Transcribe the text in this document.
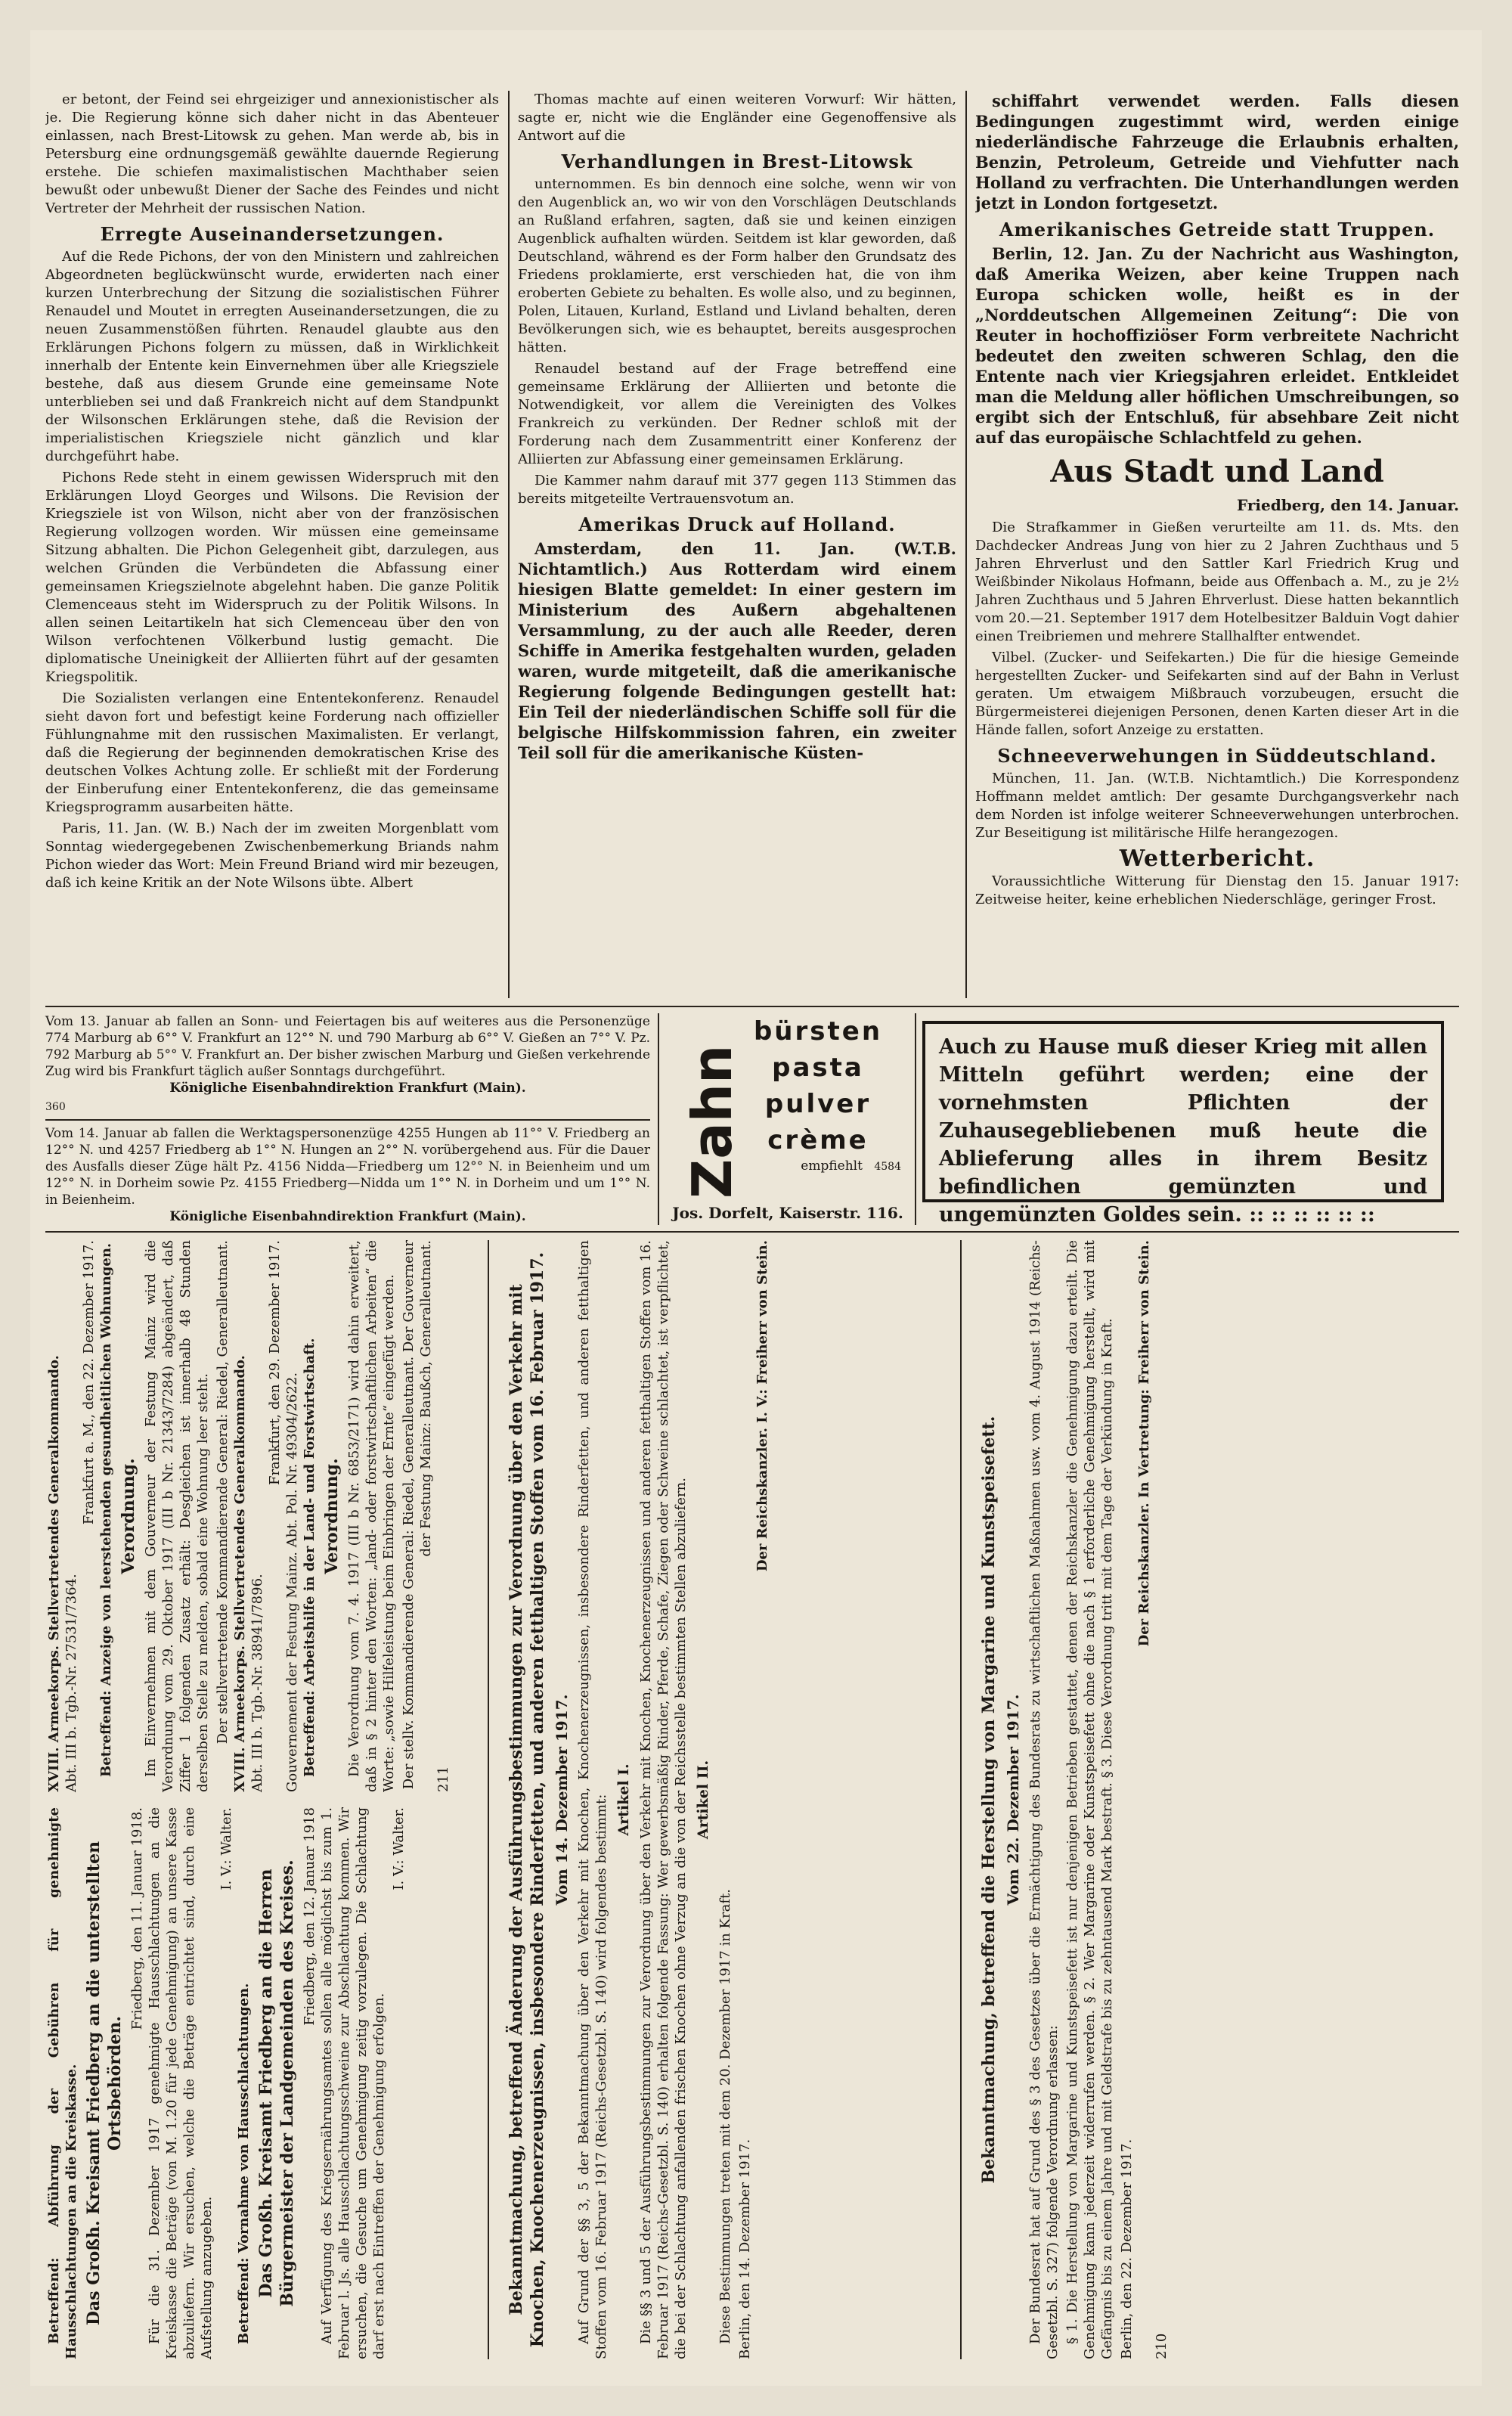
er betont, der Feind sei ehrgeiziger und annexionistischer als je. Die Regierung könne sich daher nicht in das Abenteuer einlassen, nach Brest-Litowsk zu gehen. Man werde ab, bis in Petersburg eine ordnungsgemäß gewählte dauernde Regierung erstehe. Die schiefen maximalistischen Machthaber seien bewußt oder unbewußt Diener der Sache des Feindes und nicht Vertreter der Mehrheit der russischen Nation.

Erregte Auseinandersetzungen.

Auf die Rede Pichons, der von den Ministern und zahlreichen Abgeordneten beglückwünscht wurde, erwiderten nach einer kurzen Unterbrechung der Sitzung die sozialistischen Führer Renaudel und Moutet in erregten Auseinandersetzungen, die zu neuen Zusammenstößen führten. Renaudel glaubte aus den Erklärungen Pichons folgern zu müssen, daß in Wirklichkeit innerhalb der Entente kein Einvernehmen über alle Kriegsziele bestehe, daß aus diesem Grunde eine gemeinsame Note unterblieben sei und daß Frankreich nicht auf dem Standpunkt der Wilsonschen Erklärungen stehe, daß die Revision der imperialistischen Kriegsziele nicht gänzlich und klar durchgeführt habe.

Pichons Rede steht in einem gewissen Widerspruch mit den Erklärungen Lloyd Georges und Wilsons. Die Revision der Kriegsziele ist von Wilson, nicht aber von der französischen Regierung vollzogen worden. Wir müssen eine gemeinsame Sitzung abhalten. Die Pichon Gelegenheit gibt, darzulegen, aus welchen Gründen die Verbündeten die Abfassung einer gemeinsamen Kriegszielnote abgelehnt haben. Die ganze Politik Clemenceaus steht im Widerspruch zu der Politik Wilsons. In allen seinen Leitartikeln hat sich Clemenceau über den von Wilson verfochtenen Völkerbund lustig gemacht. Die diplomatische Uneinigkeit der Alliierten führt auf der gesamten Kriegspolitik.

Die Sozialisten verlangen eine Ententekonferenz. Renaudel sieht davon fort und befestigt keine Forderung nach offizieller Fühlungnahme mit den russischen Maximalisten. Er verlangt, daß die Regierung der beginnenden demokratischen Krise des deutschen Volkes Achtung zolle. Er schließt mit der Forderung der Einberufung einer Ententekonferenz, die das gemeinsame Kriegsprogramm ausarbeiten hätte.

Paris, 11. Jan. (W. B.) Nach der im zweiten Morgenblatt vom Sonntag wiedergegebenen Zwischenbemerkung Briands nahm Pichon wieder das Wort: Mein Freund Briand wird mir bezeugen, daß ich keine Kritik an der Note Wilsons übte. Albert

Thomas machte auf einen weiteren Vorwurf: Wir hätten, sagte er, nicht wie die Engländer eine Gegenoffensive als Antwort auf die

Verhandlungen in Brest-Litowsk

unternommen. Es bin dennoch eine solche, wenn wir von den Augenblick an, wo wir von den Vorschlägen Deutschlands an Rußland erfahren, sagten, daß sie und keinen einzigen Augenblick aufhalten würden. Seitdem ist klar geworden, daß Deutschland, während es der Form halber den Grundsatz des Friedens proklamierte, erst verschieden hat, die von ihm eroberten Gebiete zu behalten. Es wolle also, und zu beginnen, Polen, Litauen, Kurland, Estland und Livland behalten, deren Bevölkerungen sich, wie es behauptet, bereits ausgesprochen hätten.

Renaudel bestand auf der Frage betreffend eine gemeinsame Erklärung der Alliierten und betonte die Notwendigkeit, vor allem die Vereinigten des Volkes Frankreich zu verkünden. Der Redner schloß mit der Forderung nach dem Zusammentritt einer Konferenz der Alliierten zur Abfassung einer gemeinsamen Erklärung.

Die Kammer nahm darauf mit 377 gegen 113 Stimmen das bereits mitgeteilte Vertrauensvotum an.

Amerikas Druck auf Holland.

Amsterdam, den 11. Jan. (W.T.B. Nichtamtlich.) Aus Rotterdam wird einem hiesigen Blatte gemeldet: In einer gestern im Ministerium des Außern abgehaltenen Versammlung, zu der auch alle Reeder, deren Schiffe in Amerika festgehalten wurden, geladen waren, wurde mitgeteilt, daß die amerikanische Regierung folgende Bedingungen gestellt hat: Ein Teil der niederländischen Schiffe soll für die belgische Hilfskommission fahren, ein zweiter Teil soll für die amerikanische Küsten-

schiffahrt verwendet werden. Falls diesen Bedingungen zugestimmt wird, werden einige niederländische Fahrzeuge die Erlaubnis erhalten, Benzin, Petroleum, Getreide und Viehfutter nach Holland zu verfrachten. Die Unterhandlungen werden jetzt in London fortgesetzt.

Amerikanisches Getreide statt Truppen.

Berlin, 12. Jan. Zu der Nachricht aus Washington, daß Amerika Weizen, aber keine Truppen nach Europa schicken wolle, heißt es in der „Norddeutschen Allgemeinen Zeitung“: Die von Reuter in hochoffiziöser Form verbreitete Nachricht bedeutet den zweiten schweren Schlag, den die Entente nach vier Kriegsjahren erleidet. Entkleidet man die Meldung aller höflichen Umschreibungen, so ergibt sich der Entschluß, für absehbare Zeit nicht auf das europäische Schlachtfeld zu gehen.

Aus Stadt und Land
Friedberg, den 14. Januar.

Die Strafkammer in Gießen verurteilte am 11. ds. Mts. den Dachdecker Andreas Jung von hier zu 2 Jahren Zuchthaus und 5 Jahren Ehrverlust und den Sattler Karl Friedrich Krug und Weißbinder Nikolaus Hofmann, beide aus Offenbach a. M., zu je 2½ Jahren Zuchthaus und 5 Jahren Ehrverlust. Diese hatten bekanntlich vom 20.—21. September 1917 dem Hotelbesitzer Balduin Vogt dahier einen Treibriemen und mehrere Stallhalfter entwendet.

Vilbel. (Zucker- und Seifekarten.) Die für die hiesige Gemeinde hergestellten Zucker- und Seifekarten sind auf der Bahn in Verlust geraten. Um etwaigem Mißbrauch vorzubeugen, ersucht die Bürgermeisterei diejenigen Personen, denen Karten dieser Art in die Hände fallen, sofort Anzeige zu erstatten.

Schneeverwehungen in Süddeutschland.

München, 11. Jan. (W.T.B. Nichtamtlich.) Die Korrespondenz Hoffmann meldet amtlich: Der gesamte Durchgangsverkehr nach dem Norden ist infolge weiterer Schneeverwehungen unterbrochen. Zur Beseitigung ist militärische Hilfe herangezogen.

Wetterbericht.

Voraussichtliche Witterung für Dienstag den 15. Januar 1917: Zeitweise heiter, keine erheblichen Niederschläge, geringer Frost.

Vom 13. Januar ab fallen an Sonn- und Feiertagen bis auf weiteres aus die Personenzüge 774 Marburg ab 6°° V. Frankfurt an 12°° N. und 790 Marburg ab 6°° V. Gießen an 7°° V. Pz. 792 Marburg ab 5°° V. Frankfurt an. Der bisher zwischen Marburg und Gießen verkehrende Zug wird bis Frankfurt täglich außer Sonntags durchgeführt.
Königliche Eisenbahndirektion Frankfurt (Main).
360
Vom 14. Januar ab fallen die Werktagspersonenzüge 4255 Hungen ab 11°° V. Friedberg an 12°° N. und 4257 Friedberg ab 1°° N. Hungen an 2°° N. vorübergehend aus. Für die Dauer des Ausfalls dieser Züge hält Pz. 4156 Nidda—Friedberg um 12°° N. in Beienheim und um 12°° N. in Dorheim sowie Pz. 4155 Friedberg—Nidda um 1°° N. in Dorheim und um 1°° N. in Beienheim.
Königliche Eisenbahndirektion Frankfurt (Main).
Zahn
bürsten
pasta
pulver
crème
empfiehlt 4584
Jos. Dorfelt, Kaiserstr. 116.
Auch zu Hause muß dieser Krieg mit allen Mitteln geführt werden; eine der vornehmsten Pflichten der Zuhausegebliebenen muß heute die Ablieferung alles in ihrem Besitz befindlichen gemünzten und ungemünzten Goldes sein. :: :: :: :: :: ::

Betreffend: Abführung der Gebühren für genehmigte Hausschlachtungen an die Kreiskasse. Das Großh. Kreisamt Friedberg an die unterstellten Ortsbehörden.
Friedberg, den 11. Januar 1918. Für die 31. Dezember 1917 genehmigte Hausschlachtungen an die Kreiskasse die Beträge (von M. 1.20 für jede Genehmigung) an unsere Kasse abzuliefern. Wir ersuchen, welche die Beträge entrichtet sind, durch eine Aufstellung anzugeben.

I. V.: Walter.

Betreffend: Vornahme von Hausschlachtungen. Das Großh. Kreisamt Friedberg an die Herren Bürgermeister der Landgemeinden des Kreises. Friedberg, den 12. Januar 1918 Auf Verfügung des Kriegsernährungsamtes sollen alle möglichst bis zum 1. Februar l. Js. alle Hausschlachtungsschweine zur Abschlachtung kommen. Wir ersuchen, die Gesuche um Genehmigung zeitig vorzulegen. Die Schlachtung darf erst nach Eintreffen der Genehmigung erfolgen.

I. V.: Walter.
XVIII. Armeekorps. Stellvertretendes Generalkommando. Abt. III b. Tgb.-Nr. 27531/7364.
Frankfurt a. M., den 22. Dezember 1917. Betreffend: Anzeige von leerstehenden gesundheitlichen Wohnungen. Verordnung. Im Einvernehmen mit dem Gouverneur der Festung Mainz wird die Verordnung vom 29. Oktober 1917 (III b Nr. 21343/7284) abgeändert, daß Ziffer 1 folgenden Zusatz erhält: Desgleichen ist innerhalb 48 Stunden derselben Stelle zu melden, sobald eine Wohnung leer steht. Der stellvertretende Kommandierende General: Riedel, Generalleutnant. XVIII. Armeekorps. Stellvertretendes Generalkommando. Abt. III b. Tgb.-Nr. 38941/7896.
Frankfurt, den 29. Dezember 1917.
Gouvernement der Festung Mainz. Abt. Pol. Nr. 49304/2622. Betreffend: Arbeitshilfe in der Land- und Forstwirtschaft. Verordnung. Die Verordnung vom 7. 4. 1917 (III b Nr. 6853/2171) wird dahin erweitert, daß in § 2 hinter den Worten: „land- oder forstwirtschaftlichen Arbeiten“ die Worte: „sowie Hilfeleistung beim Einbringen der Ernte“ eingefügt werden. Der stellv. Kommandierende General: Riedel, Generalleutnant. Der Gouverneur der Festung Mainz: Baußch, Generalleutnant.
211	Bekanntmachung, betreffend Änderung der Ausführungsbestimmungen zur Verordnung über den Verkehr mit Knochen, Knochenerzeugnissen, insbesondere Rinderfetten, und anderen fetthaltigen Stoffen vom 16. Februar 1917. Vom 14. Dezember 1917. Auf Grund der §§ 3, 5 der Bekanntmachung über den Verkehr mit Knochen, Knochenerzeugnissen, insbesondere Rinderfetten, und anderen fetthaltigen Stoffen vom 16. Februar 1917 (Reichs-Gesetzbl. S. 140) wird folgendes bestimmt: Artikel I. Die §§ 3 und 5 der Ausführungsbestimmungen zur Verordnung über den Verkehr mit Knochen, Knochenerzeugnissen und anderen fetthaltigen Stoffen vom 16. Februar 1917 (Reichs-Gesetzbl. S. 140) erhalten folgende Fassung: Wer gewerbsmäßig Rinder, Pferde, Schafe, Ziegen oder Schweine schlachtet, ist verpflichtet, die bei der Schlachtung anfallenden frischen Knochen ohne Verzug an die von der Reichsstelle bestimmten Stellen abzuliefern. Artikel II.

Diese Bestimmungen treten mit dem 20. Dezember 1917 in Kraft. Berlin, den 14. Dezember 1917.
Der Reichskanzler. I. V.: Freiherr von Stein.
Bekanntmachung, betreffend die Herstellung von Margarine und Kunstspeisefett. Vom 22. Dezember 1917. Der Bundesrat hat auf Grund des § 3 des Gesetzes über die Ermächtigung des Bundesrats zu wirtschaftlichen Maßnahmen usw. vom 4. August 1914 (Reichs-Gesetzbl. S. 327) folgende Verordnung erlassen: § 1. Die Herstellung von Margarine und Kunstspeisefett ist nur denjenigen Betrieben gestattet, denen der Reichskanzler die Genehmigung dazu erteilt. Die Genehmigung kann jederzeit widerrufen werden. § 2. Wer Margarine oder Kunstspeisefett ohne die nach § 1 erforderliche Genehmigung herstellt, wird mit Gefängnis bis zu einem Jahre und mit Geldstrafe bis zu zehntausend Mark bestraft. § 3. Diese Verordnung tritt mit dem Tage der Verkündung in Kraft. Berlin, den 22. Dezember 1917.
Der Reichskanzler. In Vertretung: Freiherr von Stein.
210
